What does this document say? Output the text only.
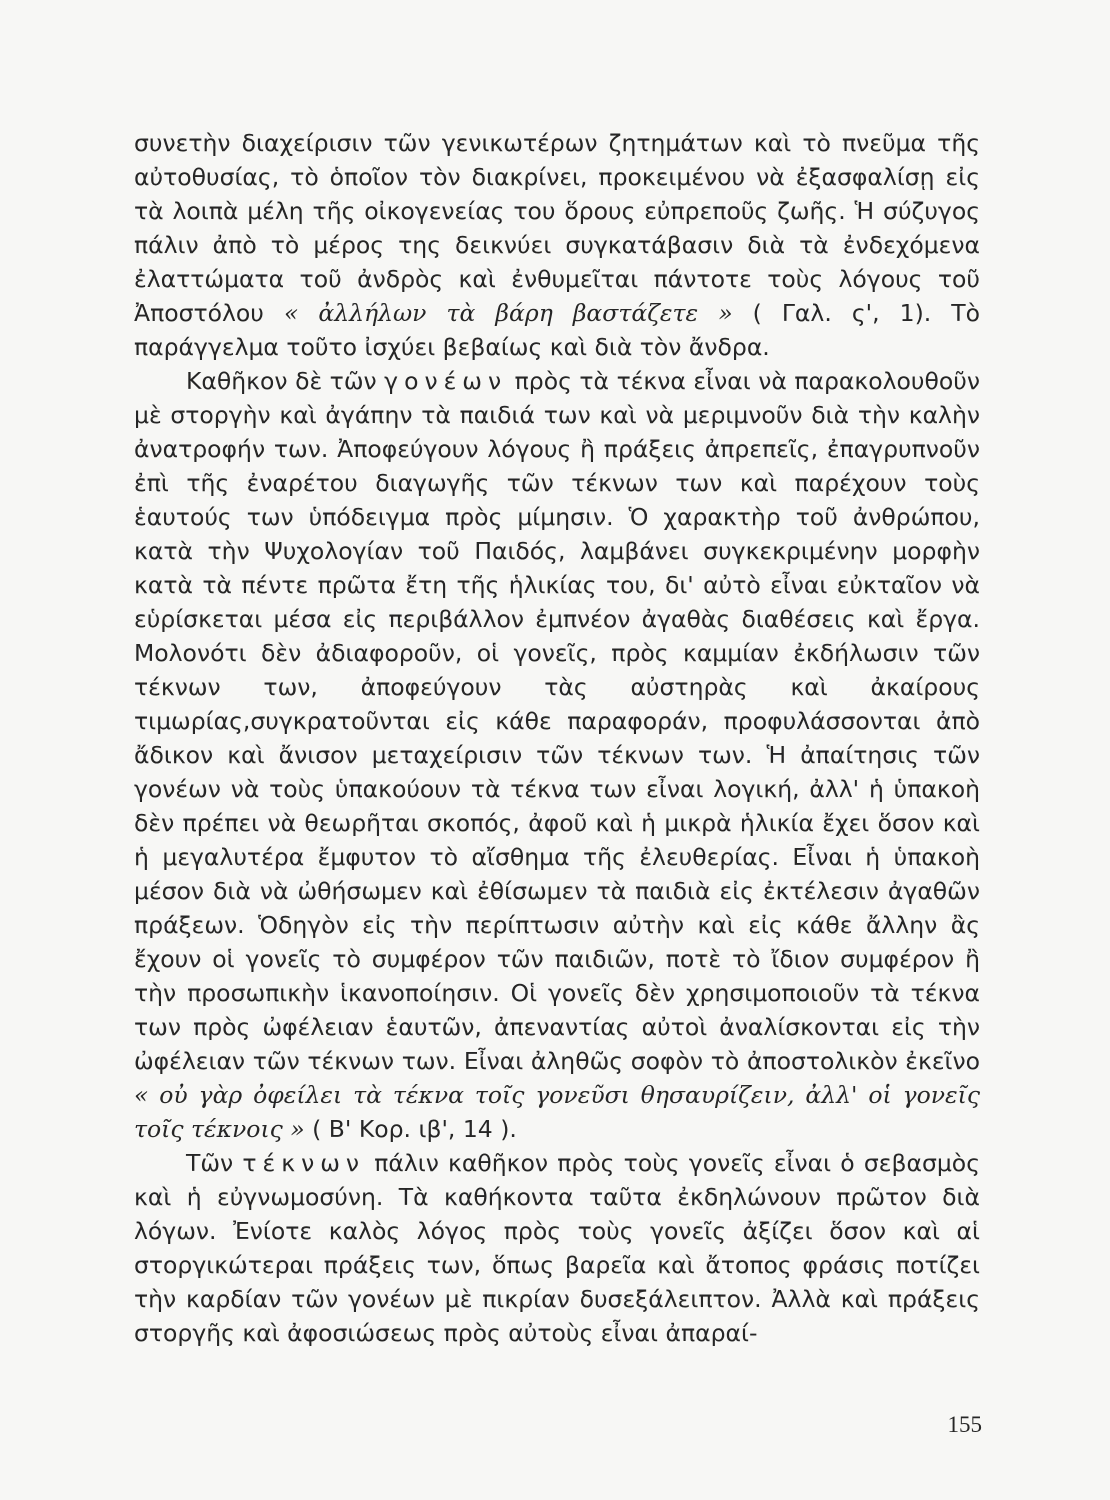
συνετὴν διαχείρισιν τῶν γενικωτέρων ζητημάτων καὶ τὸ πνεῦμα τῆς αὐτοθυσίας, τὸ ὁποῖον τὸν διακρίνει, προκειμένου νὰ ἐξασφαλίσῃ εἰς τὰ λοιπὰ μέλη τῆς οἰκογενείας του ὅρους εὐπρεποῦς ζωῆς. Ἡ σύζυγος πάλιν ἀπὸ τὸ μέρος της δεικνύει συγκατάβασιν διὰ τὰ ἐνδεχόμενα ἐλαττώματα τοῦ ἀνδρὸς καὶ ἐνθυμεῖται πάντοτε τοὺς λόγους τοῦ Ἀποστόλου « ἀλλήλων τὰ βάρη βαστάζετε » ( Γαλ. ς', 1). Τὸ παράγγελμα τοῦτο ἰσχύει βεβαίως καὶ διὰ τὸν ἄνδρα.

Καθῆκον δὲ τῶν γονέων πρὸς τὰ τέκνα εἶναι νὰ παρακολουθοῦν μὲ στοργὴν καὶ ἀγάπην τὰ παιδιά των καὶ νὰ μεριμνοῦν διὰ τὴν καλὴν ἀνατροφήν των. Ἀποφεύγουν λόγους ἢ πράξεις ἀπρεπεῖς, ἐπαγρυπνοῦν ἐπὶ τῆς ἐναρέτου διαγωγῆς τῶν τέκνων των καὶ παρέχουν τοὺς ἑαυτούς των ὑπόδειγμα πρὸς μίμησιν. Ὁ χαρακτὴρ τοῦ ἀνθρώπου, κατὰ τὴν Ψυχολογίαν τοῦ Παιδός, λαμβάνει συγκεκριμένην μορφὴν κατὰ τὰ πέντε πρῶτα ἔτη τῆς ἡλικίας του, δι' αὐτὸ εἶναι εὐκταῖον νὰ εὑρίσκεται μέσα εἰς περιβάλλον ἐμπνέον ἀγαθὰς διαθέσεις καὶ ἔργα. Μολονότι δὲν ἀδιαφοροῦν, οἱ γονεῖς, πρὸς καμμίαν ἐκδήλωσιν τῶν τέκνων των, ἀποφεύγουν τὰς αὐστηρὰς καὶ ἀκαίρους τιμωρίας,συγκρατοῦνται εἰς κάθε παραφοράν, προφυλάσσονται ἀπὸ ἄδικον καὶ ἄνισον μεταχείρισιν τῶν τέκνων των. Ἡ ἀπαίτησις τῶν γονέων νὰ τοὺς ὑπακούουν τὰ τέκνα των εἶναι λογική, ἀλλ' ἡ ὑπακοὴ δὲν πρέπει νὰ θεωρῆται σκοπός, ἀφοῦ καὶ ἡ μικρὰ ἡλικία ἔχει ὅσον καὶ ἡ μεγαλυτέρα ἔμφυτον τὸ αἴσθημα τῆς ἐλευθερίας. Εἶναι ἡ ὑπακοὴ μέσον διὰ νὰ ὠθήσωμεν καὶ ἐθίσωμεν τὰ παιδιὰ εἰς ἐκτέλεσιν ἀγαθῶν πράξεων. Ὁδηγὸν εἰς τὴν περίπτωσιν αὐτὴν καὶ εἰς κάθε ἄλλην ἂς ἔχουν οἱ γονεῖς τὸ συμφέρον τῶν παιδιῶν, ποτὲ τὸ ἴδιον συμφέρον ἢ τὴν προσωπικὴν ἱκανοποίησιν. Οἱ γονεῖς δὲν χρησιμοποιοῦν τὰ τέκνα των πρὸς ὠφέλειαν ἑαυτῶν, ἀπεναντίας αὐτοὶ ἀναλίσκονται εἰς τὴν ὠφέλειαν τῶν τέκνων των. Εἶναι ἀληθῶς σοφὸν τὸ ἀποστολικὸν ἐκεῖνο « οὐ γὰρ ὀφείλει τὰ τέκνα τοῖς γονεῦσι θησαυρίζειν, ἀλλ' οἱ γονεῖς τοῖς τέκνοις » ( Β' Κορ. ιβ', 14 ).

Τῶν τέκνων πάλιν καθῆκον πρὸς τοὺς γονεῖς εἶναι ὁ σεβασμὸς καὶ ἡ εὐγνωμοσύνη. Τὰ καθήκοντα ταῦτα ἐκδηλώνουν πρῶτον διὰ λόγων. Ἐνίοτε καλὸς λόγος πρὸς τοὺς γονεῖς ἀξίζει ὅσον καὶ αἱ στοργικώτεραι πράξεις των, ὅπως βαρεῖα καὶ ἄτοπος φράσις ποτίζει τὴν καρδίαν τῶν γονέων μὲ πικρίαν δυσεξάλειπτον. Ἀλλὰ καὶ πράξεις στοργῆς καὶ ἀφοσιώσεως πρὸς αὐτοὺς εἶναι ἀπαραί-

155
